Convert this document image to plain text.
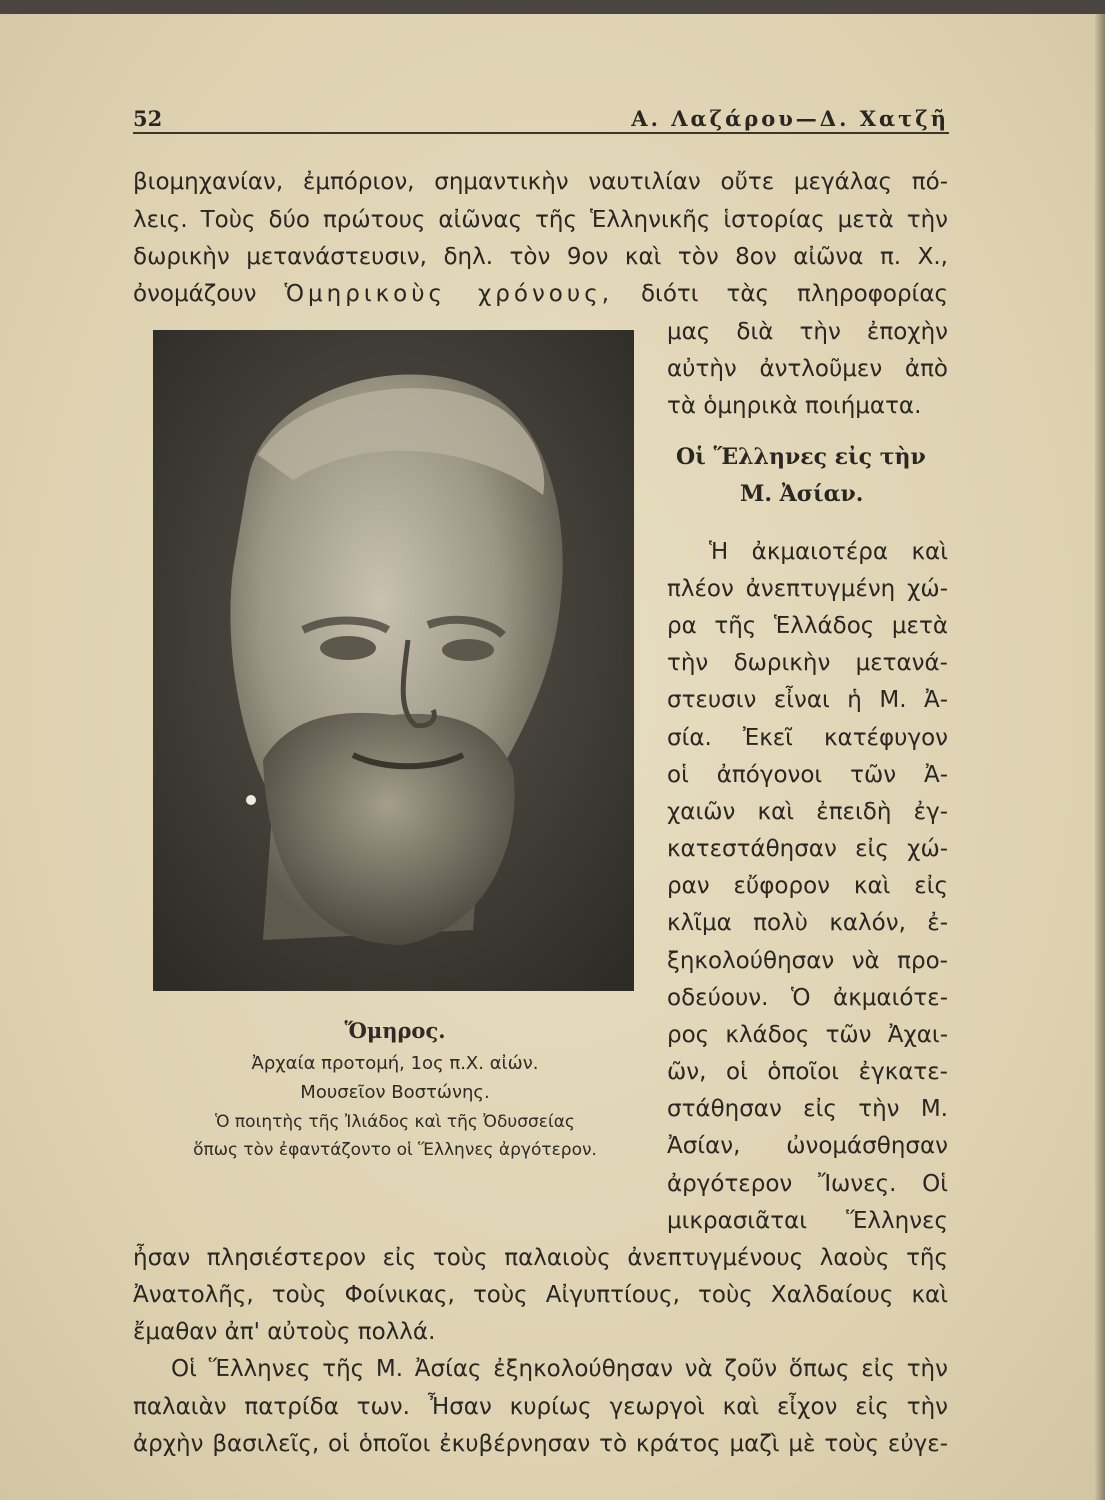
52	Α. Λαζάρου—Δ. Χατζῆ
βιομηχανίαν, ἐμπόριον, σημαντικὴν ναυτιλίαν οὔτε μεγάλας πό-
λεις. Τοὺς δύο πρώτους αἰῶνας τῆς Ἑλληνικῆς ἱστορίας μετὰ τὴν
δωρικὴν μετανάστευσιν, δηλ. τὸν 9ον καὶ τὸν 8ον αἰῶνα π. Χ.,
ὀνομάζουν Ὁμηρικοὺς χρόνους, διότι τὰς πληροφορίας
μας διὰ τὴν ἐποχὴν
αὐτὴν ἀντλοῦμεν ἀπὸ
τὰ ὁμηρικὰ ποιήματα.
Οἱ Ἕλληνες εἰς τὴν
Μ. Ἀσίαν.
Ἡ ἀκμαιοτέρα καὶ
πλέον ἀνεπτυγμένη χώ-
ρα τῆς Ἑλλάδος μετὰ
τὴν δωρικὴν μετανά-
στευσιν εἶναι ἡ Μ. Ἀ-
σία. Ἐκεῖ κατέφυγον
οἱ ἀπόγονοι τῶν Ἀ-
χαιῶν καὶ ἐπειδὴ ἐγ-
κατεστάθησαν εἰς χώ-
ραν εὔφορον καὶ εἰς
κλῖμα πολὺ καλόν, ἐ-
ξηκολούθησαν νὰ προ-
οδεύουν. Ὁ ἀκμαιότε-
ρος κλάδος τῶν Ἀχαι-
ῶν, οἱ ὁποῖοι ἐγκατε-
στάθησαν εἰς τὴν Μ.
Ἀσίαν, ὠνομάσθησαν
ἀργότερον Ἴωνες. Οἱ
μικρασιᾶται Ἕλληνες
ἦσαν πλησιέστερον εἰς τοὺς παλαιοὺς ἀνεπτυγμένους λαοὺς τῆς
Ἀνατολῆς, τοὺς Φοίνικας, τοὺς Αἰγυπτίους, τοὺς Χαλδαίους καὶ
ἔμαθαν ἀπ' αὐτοὺς πολλά.
Οἱ Ἕλληνες τῆς Μ. Ἀσίας ἐξηκολούθησαν νὰ ζοῦν ὅπως εἰς τὴν
παλαιὰν πατρίδα των. Ἦσαν κυρίως γεωργοὶ καὶ εἶχον εἰς τὴν
ἀρχὴν βασιλεῖς, οἱ ὁποῖοι ἐκυβέρνησαν τὸ κράτος μαζὶ μὲ τοὺς εὐγε-
Ὅμηρος.
Ἀρχαία προτομή, 1ος π.Χ. αἰών.
Μουσεῖον Βοστώνης.
Ὁ ποιητὴς τῆς Ἰλιάδος καὶ τῆς Ὀδυσσείας
ὅπως τὸν ἐφαντάζοντο οἱ Ἕλληνες ἀργότερον.
